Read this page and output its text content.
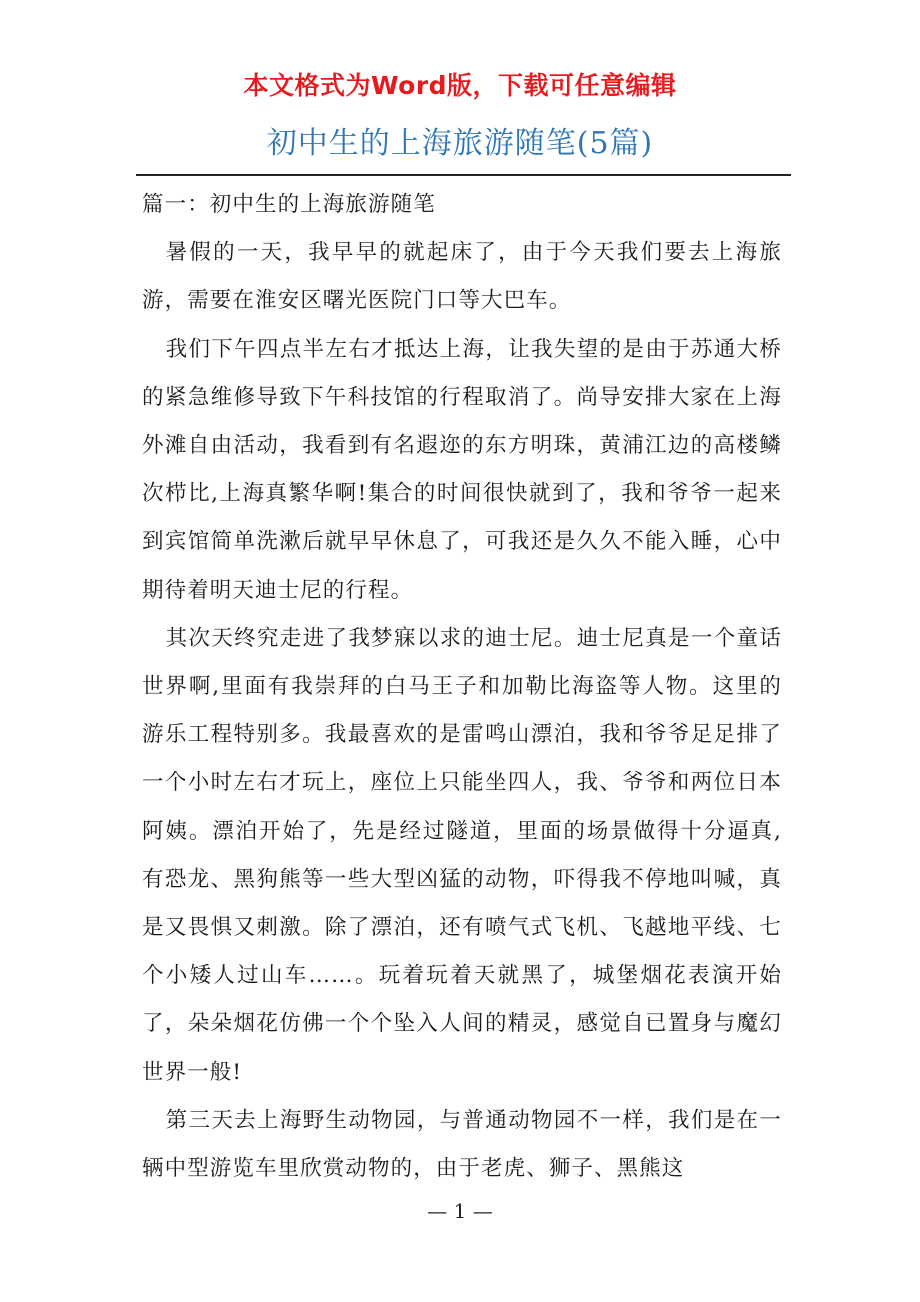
本文格式为Word版，下载可任意编辑
初中生的上海旅游随笔(5篇)

篇一：初中生的上海旅游随笔

暑假的一天，我早早的就起床了，由于今天我们要去上海旅游，需要在淮安区曙光医院门口等大巴车。

我们下午四点半左右才抵达上海，让我失望的是由于苏通大桥的紧急维修导致下午科技馆的行程取消了。尚导安排大家在上海外滩自由活动，我看到有名遐迩的东方明珠，黄浦江边的高楼鳞次栉比,上海真繁华啊!集合的时间很快就到了，我和爷爷一起来到宾馆简单洗漱后就早早休息了，可我还是久久不能入睡，心中期待着明天迪士尼的行程。

其次天终究走进了我梦寐以求的迪士尼。迪士尼真是一个童话世界啊,里面有我崇拜的白马王子和加勒比海盗等人物。这里的游乐工程特别多。我最喜欢的是雷鸣山漂泊，我和爷爷足足排了一个小时左右才玩上，座位上只能坐四人，我、爷爷和两位日本阿姨。漂泊开始了，先是经过隧道，里面的场景做得十分逼真,有恐龙、黑狗熊等一些大型凶猛的动物，吓得我不停地叫喊，真是又畏惧又刺激。除了漂泊，还有喷气式飞机、飞越地平线、七个小矮人过山车……。玩着玩着天就黑了，城堡烟花表演开始了，朵朵烟花仿佛一个个坠入人间的精灵，感觉自已置身与魔幻世界一般!

第三天去上海野生动物园，与普通动物园不一样，我们是在一辆中型游览车里欣赏动物的，由于老虎、狮子、黑熊这

— 1 —
